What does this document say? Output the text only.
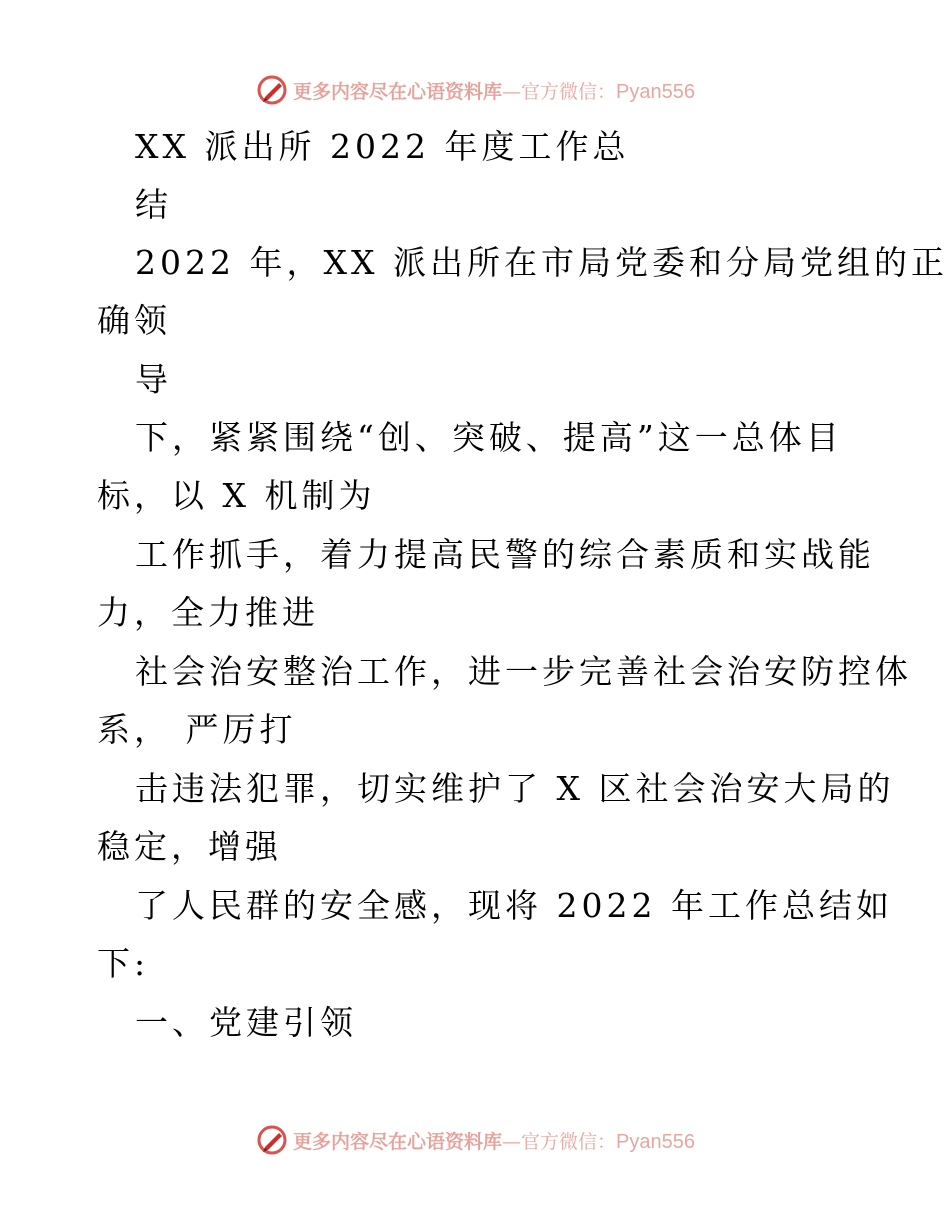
更多内容尽在心语资料库—官方微信：Pyan556
XX 派出所 2022 年度工作总
结
2022 年，XX 派出所在市局党委和分局党组的正
确领
导
下，紧紧围绕“创、突破、提高”这一总体目
标，以 X 机制为
工作抓手，着力提高民警的综合素质和实战能
力，全力推进
社会治安整治工作，进一步完善社会治安防控体
系， 严厉打
击违法犯罪，切实维护了 X 区社会治安大局的
稳定，增强
了人民群的安全感，现将 2022 年工作总结如
下:
一、党建引领
更多内容尽在心语资料库—官方微信：Pyan556
